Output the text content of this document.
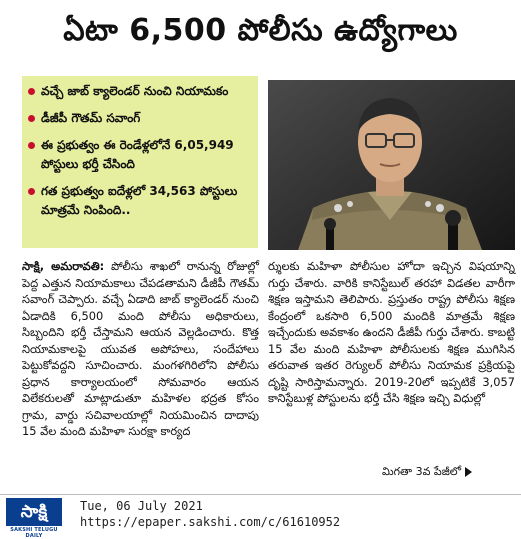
ఏటా 6,500 పోలీసు ఉద్యోగాలు
వచ్చే జాబ్ క్యాలెండర్ నుంచి నియామకం
డీజీపీ గౌతమ్ సవాంగ్
ఈ ప్రభుత్వం ఈ రెండేళ్లలోనే 6,05,949 పోస్టులు భర్తీ చేసింది
గత ప్రభుత్వం ఐదేళ్లలో 34,563 పోస్టులు మాత్రమే నింపింది..

సాక్షి, అమరావతి: పోలీసు శాఖలో రానున్న రోజుల్లో పెద్ద ఎత్తున నియామకాలు చేపడతామని డీజీపీ గౌతమ్ సవాంగ్ చెప్పారు. వచ్చే ఏడాది జాబ్ క్యాలెండర్ నుంచి ఏడాదికి 6,500 మంది పోలీసు అధికారులు, సిబ్బందిని భర్తీ చేస్తామని ఆయన వెల్లడించారు. కొత్త నియామకాలపై యువత అపోహలు, సందేహాలు పెట్టుకోవద్దని సూచించారు. మంగళగిరిలోని పోలీసు ప్రధాన కార్యాలయంలో సోమవారం ఆయన విలేకరులతో మాట్లాడుతూ మహిళల భద్రత కోసం గ్రామ, వార్డు సచివాలయాల్లో నియమించిన దాదాపు 15 వేల మంది మహిళా సురక్షా కార్యద

ర్శులకు మహిళా పోలీసుల హోదా ఇచ్చిన విషయాన్ని గుర్తు చేశారు. వారికి కానిస్టేబుల్ తరహా విడతల వారీగా శిక్షణ ఇస్తామని తెలిపారు. ప్రస్తుతం రాష్ట్ర పోలీసు శిక్షణ కేంద్రంలో ఒకసారి 6,500 మందికి మాత్రమే శిక్షణ ఇచ్చేందుకు అవకాశం ఉందని డీజీపీ గుర్తు చేశారు. కాబట్టి 15 వేల మంది మహిళా పోలీసులకు శిక్షణ ముగిసిన తరువాత ఇతర రెగ్యులర్ పోలీసు నియామక ప్రక్రియపై దృష్టి సారిస్తామన్నారు. 2019-20లో ఇప్పటికే 3,057 కానిస్టేబుళ్ల పోస్టులను భర్తీ చేసి శిక్షణ ఇచ్చి విధుల్లో

మిగతా 3వ పేజీలో
సాక్షి
SAKSHI TELUGU DAILY
Tue, 06 July 2021
https://epaper.sakshi.com/c/61610952
